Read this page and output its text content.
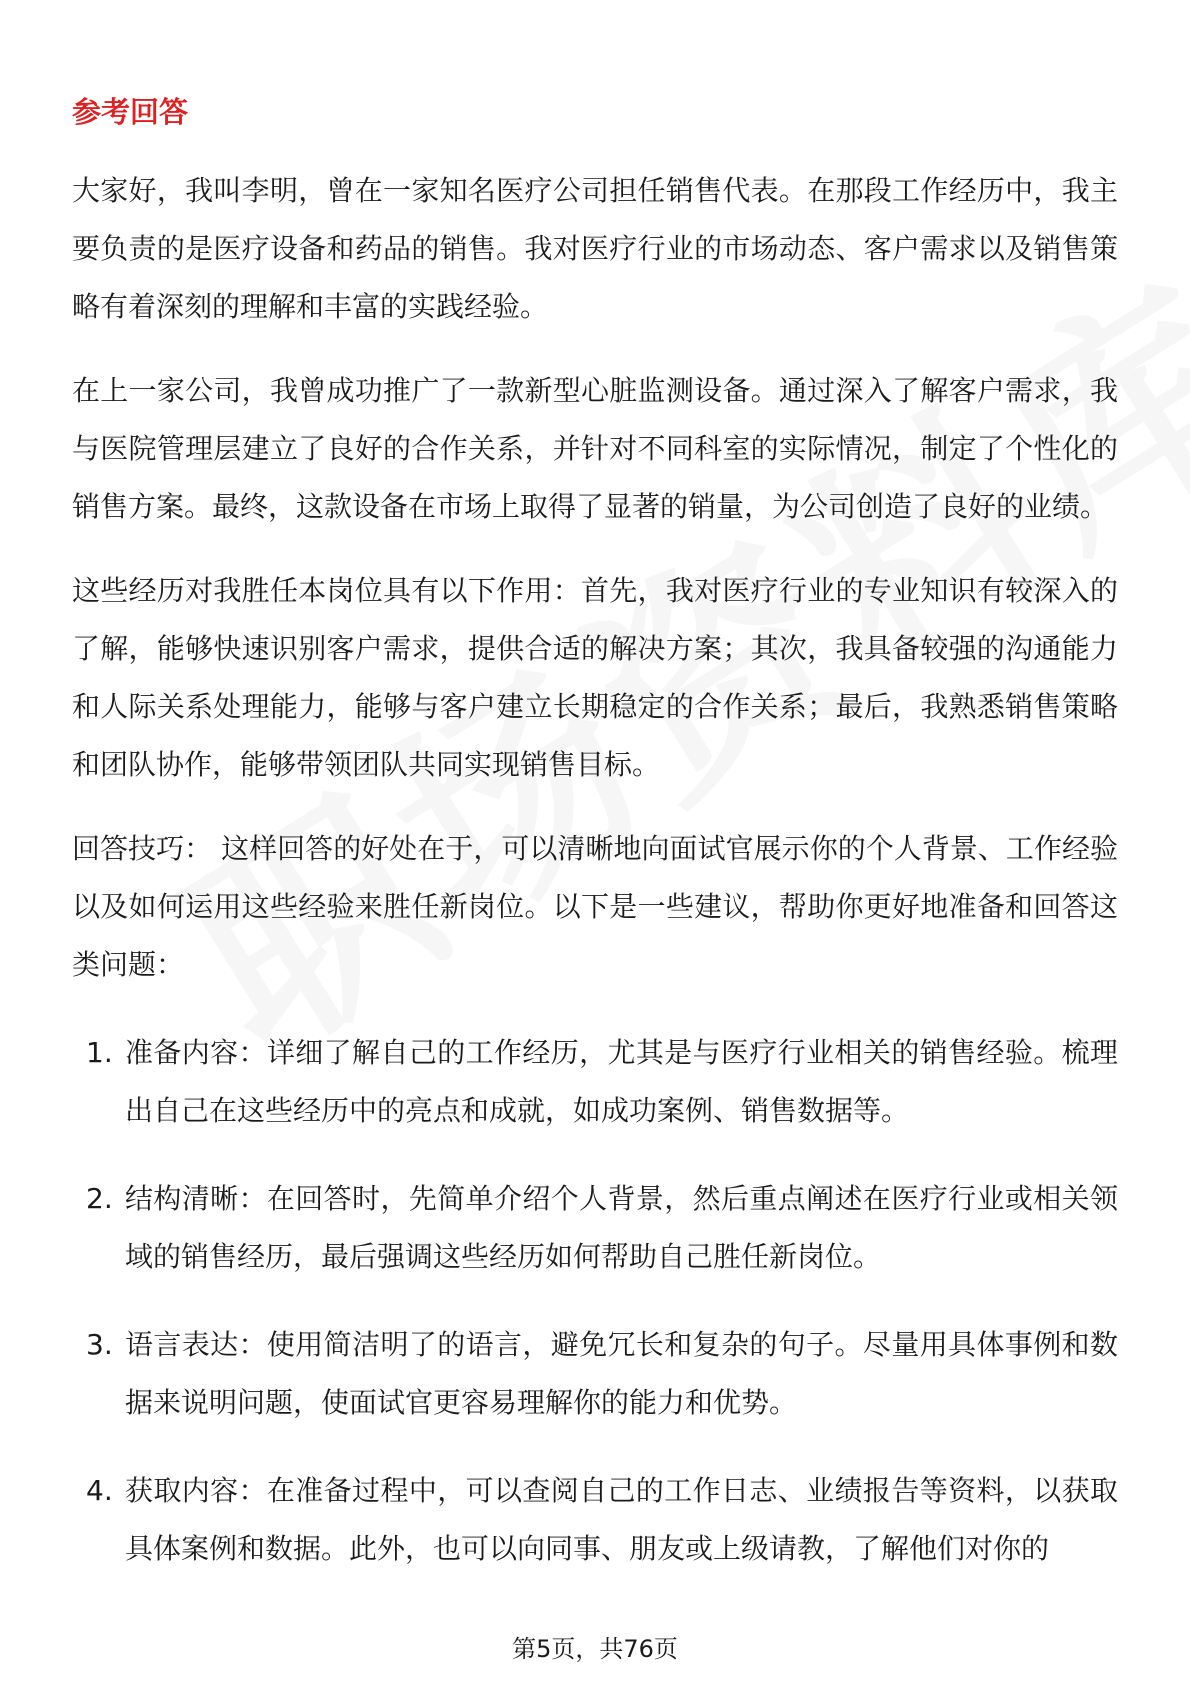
参考回答

大家好，我叫李明，曾在一家知名医疗公司担任销售代表。在那段工作经历中，我主要负责的是医疗设备和药品的销售。我对医疗行业的市场动态、客户需求以及销售策略有着深刻的理解和丰富的实践经验。

在上一家公司，我曾成功推广了一款新型心脏监测设备。通过深入了解客户需求，我与医院管理层建立了良好的合作关系，并针对不同科室的实际情况，制定了个性化的销售方案。最终，这款设备在市场上取得了显著的销量，为公司创造了良好的业绩。

这些经历对我胜任本岗位具有以下作用：首先，我对医疗行业的专业知识有较深入的了解，能够快速识别客户需求，提供合适的解决方案；其次，我具备较强的沟通能力和人际关系处理能力，能够与客户建立长期稳定的合作关系；最后，我熟悉销售策略和团队协作，能够带领团队共同实现销售目标。

回答技巧： 这样回答的好处在于，可以清晰地向面试官展示你的个人背景、工作经验以及如何运用这些经验来胜任新岗位。以下是一些建议，帮助你更好地准备和回答这类问题：

1. 准备内容：详细了解自己的工作经历，尤其是与医疗行业相关的销售经验。梳理出自己在这些经历中的亮点和成就，如成功案例、销售数据等。
2. 结构清晰：在回答时，先简单介绍个人背景，然后重点阐述在医疗行业或相关领域的销售经历，最后强调这些经历如何帮助自己胜任新岗位。
3. 语言表达：使用简洁明了的语言，避免冗长和复杂的句子。尽量用具体事例和数据来说明问题，使面试官更容易理解你的能力和优势。
4. 获取内容：在准备过程中，可以查阅自己的工作日志、业绩报告等资料，以获取具体案例和数据。此外，也可以向同事、朋友或上级请教，了解他们对你的
第5页，共76页
